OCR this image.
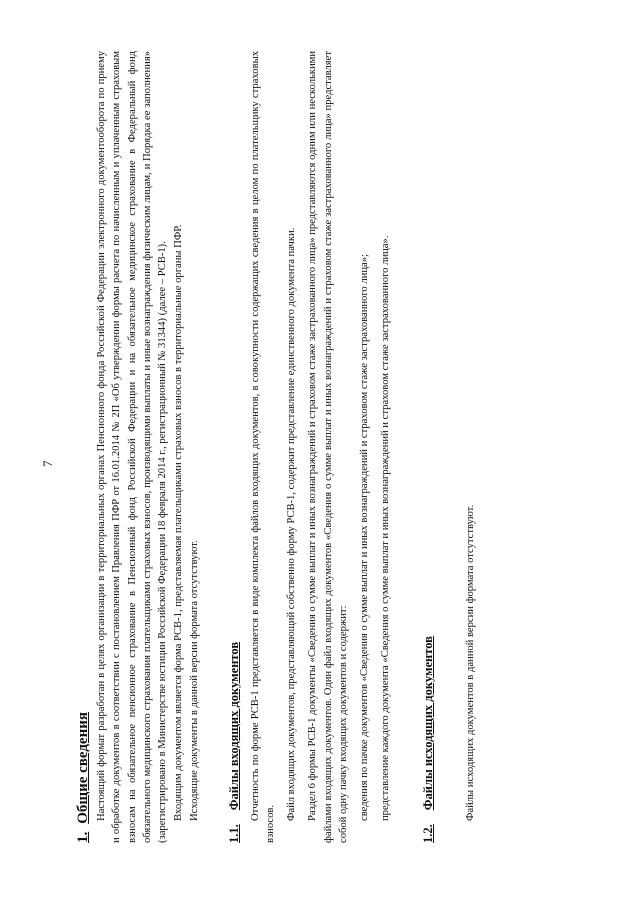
7
1.Общие сведения Настоящий формат разработан в целях организации в территориальных органах Пенсионного фонда Российской Федерации электронного документооборота по приему и обработке документов в соответствии с постановлением Правления ПФР от 16.01.2014 № 2П «Об утверждении формы расчета по начисленным и уплаченным страховым взносам на обязательное пенсионное страхование в Пенсионный фонд Российской Федерации и на обязательное медицинское страхование в Федеральный фонд обязательного медицинского страхования плательщиками страховых взносов, производящими выплаты и иные вознаграждения физическим лицам, и Порядка ее заполнения» (зарегистрировано в Министерстве юстиции Российской Федерации 18 февраля 2014 г., регистрационный № 31344) (далее – РСВ-1). Входящим документом является форма РСВ-1, представляемая плательщиками страховых взносов в территориальные органы ПФР. Исходящие документы в данной версии формата отсутствуют.

1.1.Файлы входящих документов Отчетность по форме РСВ-1 представляется в виде комплекта файлов входящих документов, в совокупности содержащих сведения в целом по плательщику страховых взносов.

Файл входящих документов, представляющий собственно форму РСВ-1, содержит представление единственного документа пачки. Раздел 6 формы РСВ-1 документы «Сведения о сумме выплат и иных вознаграждений и страховом стаже застрахованного лица» представляются одним или несколькими файлами входящих документов. Один файл входящих документов «Сведения о сумме выплат и иных вознаграждений и страховом стаже застрахованного лица» представляет собой одну пачку входящих документов и содержит: сведения по пачке документов «Сведения о сумме выплат и иных вознаграждений и страховом стаже застрахованного лица»; представление каждого документа «Сведения о сумме выплат и иных вознаграждений и страховом стаже застрахованного лица».

1.2.Файлы исходящих документов	Файлы исходящих документов в данной версии формата отсутствуют.
